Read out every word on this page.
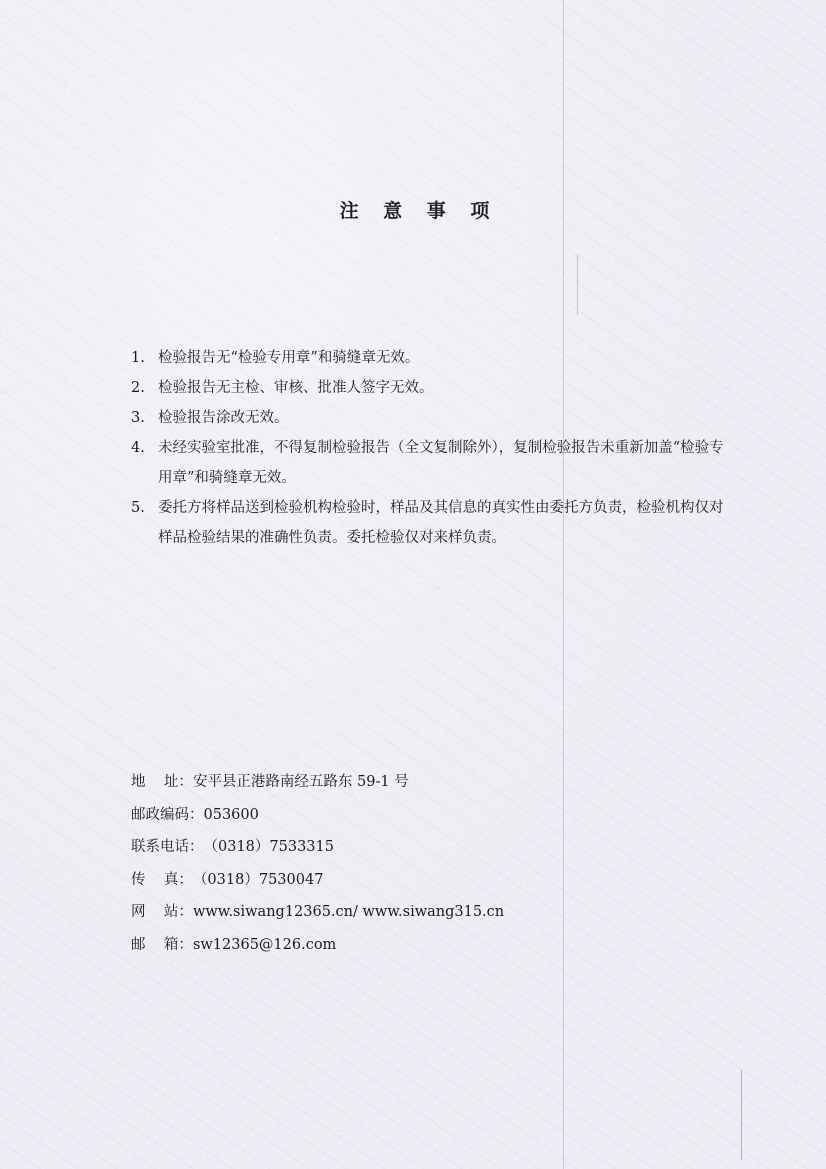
注 意 事 项
1. 检验报告无“检验专用章”和骑缝章无效。
2. 检验报告无主检、审核、批准人签字无效。
3. 检验报告涂改无效。
4. 未经实验室批准，不得复制检验报告（全文复制除外），复制检验报告未重新加盖“检验专用章”和骑缝章无效。
5. 委托方将样品送到检验机构检验时，样品及其信息的真实性由委托方负责，检验机构仅对样品检验结果的准确性负责。委托检验仅对来样负责。
地    址：安平县正港路南经五路东 59-1 号
邮政编码：053600
联系电话：（0318）7533315
传    真：（0318）7530047
网    站：www.siwang12365.cn/ www.siwang315.cn
邮    箱：sw12365@126.com
